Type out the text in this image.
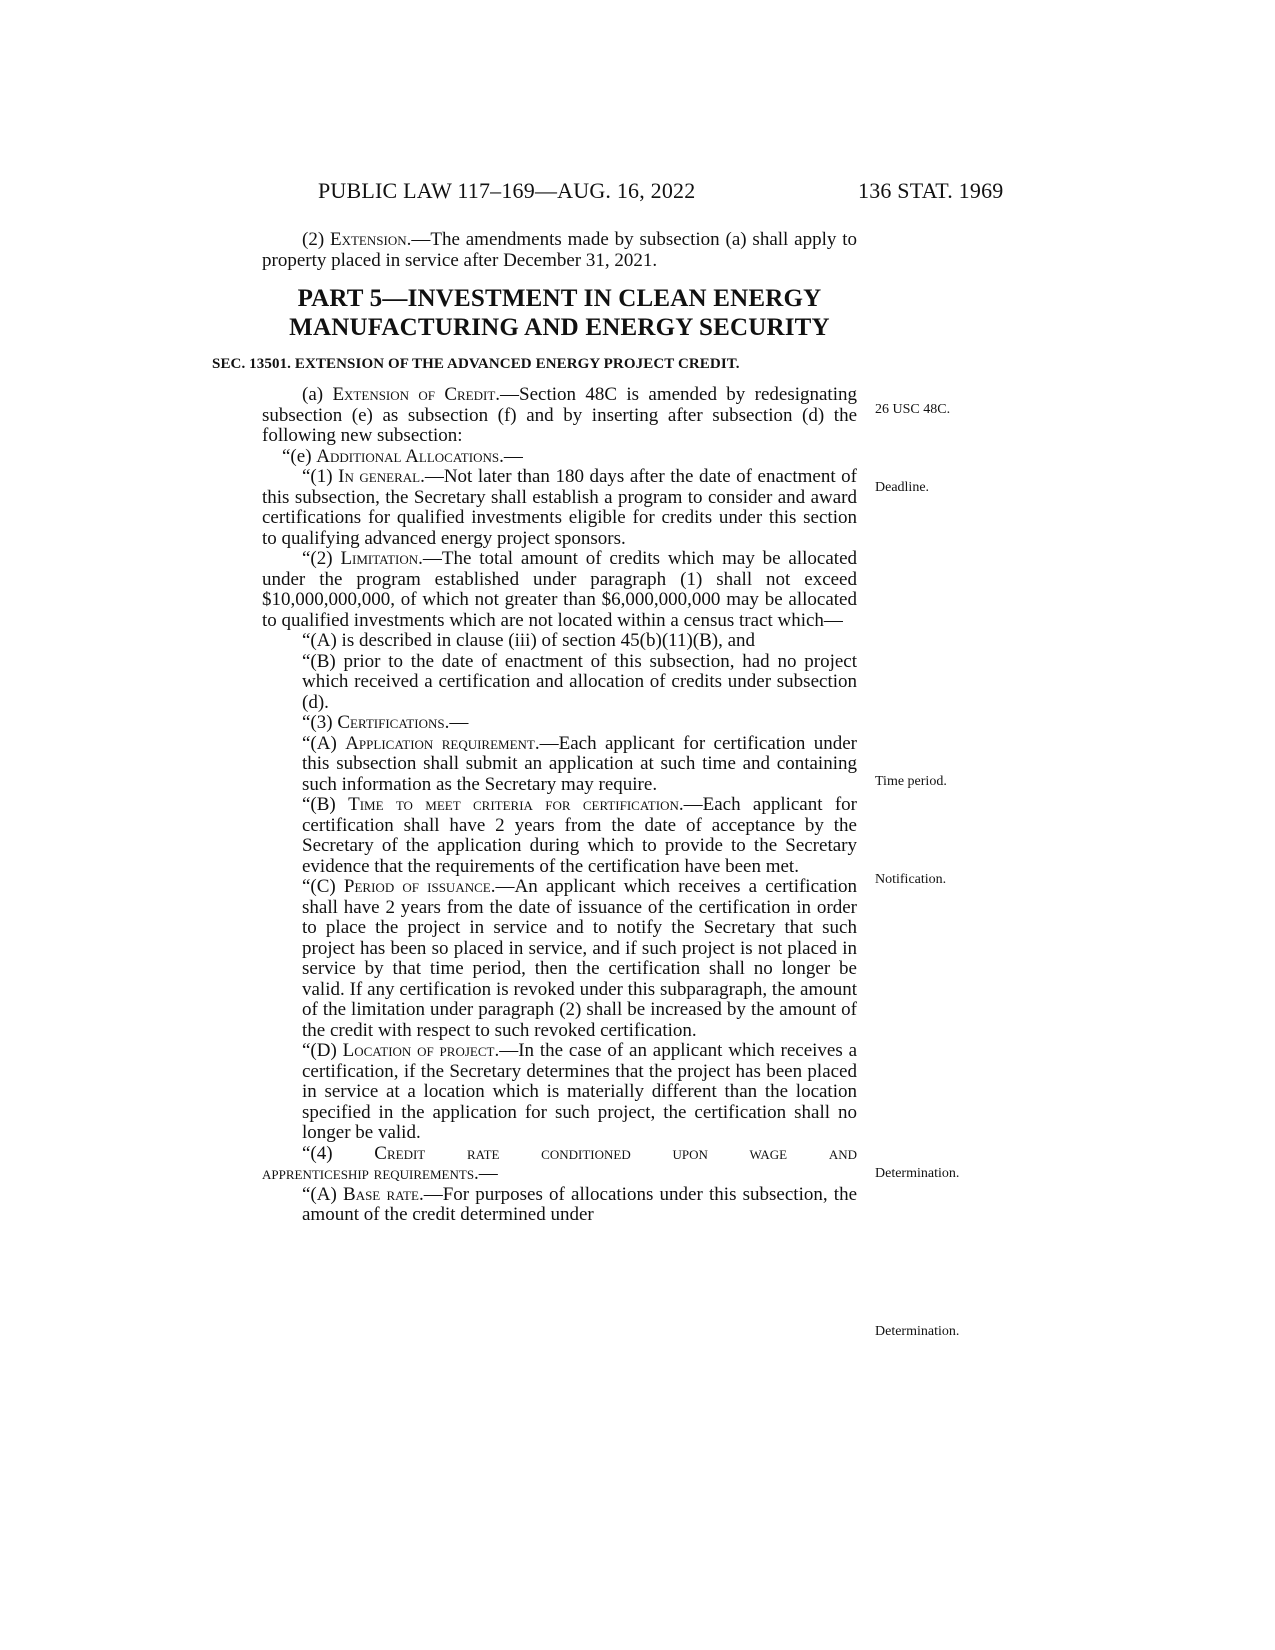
PUBLIC LAW 117–169—AUG. 16, 2022	136 STAT. 1969

(2) Extension.—The amendments made by subsection (a) shall apply to property placed in service after December 31, 2021.

PART 5—INVESTMENT IN CLEAN ENERGY
MANUFACTURING AND ENERGY SECURITY

SEC. 13501. EXTENSION OF THE ADVANCED ENERGY PROJECT CREDIT.

(a) Extension of Credit.—Section 48C is amended by redesignating subsection (e) as subsection (f) and by inserting after subsection (d) the following new subsection:

“(e) Additional Allocations.—

“(1) In general.—Not later than 180 days after the date of enactment of this subsection, the Secretary shall establish a program to consider and award certifications for qualified investments eligible for credits under this section to qualifying advanced energy project sponsors.

“(2) Limitation.—The total amount of credits which may be allocated under the program established under paragraph (1) shall not exceed $10,000,000,000, of which not greater than $6,000,000,000 may be allocated to qualified investments which are not located within a census tract which—

“(A) is described in clause (iii) of section 45(b)(11)(B), and

“(B) prior to the date of enactment of this subsection, had no project which received a certification and allocation of credits under subsection (d).

“(3) Certifications.—

“(A) Application requirement.—Each applicant for certification under this subsection shall submit an application at such time and containing such information as the Secretary may require.

“(B) Time to meet criteria for certification.—Each applicant for certification shall have 2 years from the date of acceptance by the Secretary of the application during which to provide to the Secretary evidence that the requirements of the certification have been met.

“(C) Period of issuance.—An applicant which receives a certification shall have 2 years from the date of issuance of the certification in order to place the project in service and to notify the Secretary that such project has been so placed in service, and if such project is not placed in service by that time period, then the certification shall no longer be valid. If any certification is revoked under this subparagraph, the amount of the limitation under paragraph (2) shall be increased by the amount of the credit with respect to such revoked certification.

“(D) Location of project.—In the case of an applicant which receives a certification, if the Secretary determines that the project has been placed in service at a location which is materially different than the location specified in the application for such project, the certification shall no longer be valid.

“(4) Credit rate conditioned upon wage and

apprenticeship requirements.—

“(A) Base rate.—For purposes of allocations under this subsection, the amount of the credit determined under

26 USC 48C.
Deadline.
Time period.
Notification.
Determination.
Determination.
